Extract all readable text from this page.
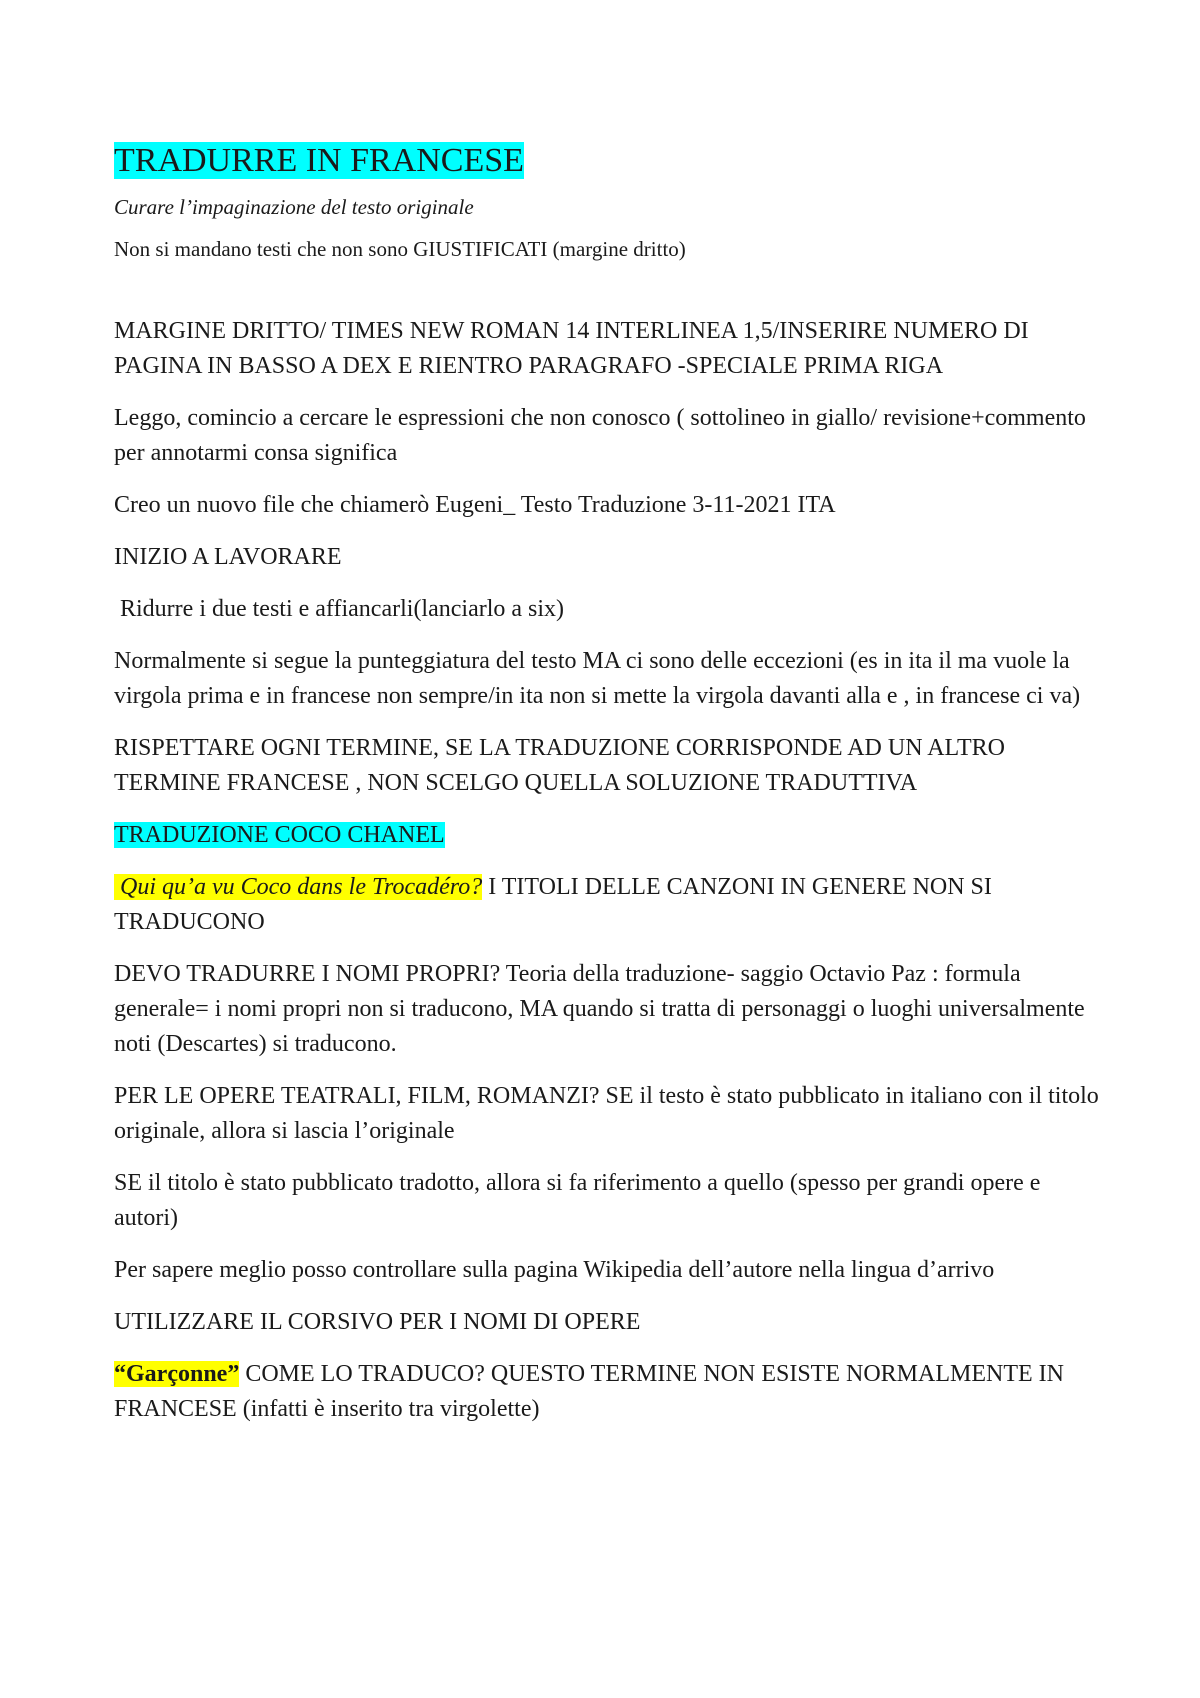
TRADURRE IN FRANCESE
Curare l’impaginazione del testo originale
Non si mandano testi che non sono GIUSTIFICATI (margine dritto)

MARGINE DRITTO/ TIMES NEW ROMAN 14 INTERLINEA 1,5/INSERIRE NUMERO DI PAGINA IN BASSO A DEX E RIENTRO PARAGRAFO -SPECIALE PRIMA RIGA

Leggo, comincio a cercare le espressioni che non conosco ( sottolineo in giallo/ revisione+commento per annotarmi consa significa

Creo un nuovo file che chiamerò Eugeni_ Testo Traduzione 3-11-2021 ITA

INIZIO A LAVORARE

Ridurre i due testi e affiancarli(lanciarlo a six)

Normalmente si segue la punteggiatura del testo MA ci sono delle eccezioni (es in ita il ma vuole la virgola prima e in francese non sempre/in ita non si mette la virgola davanti alla e , in francese ci va)

RISPETTARE OGNI TERMINE, SE LA TRADUZIONE CORRISPONDE AD UN ALTRO TERMINE FRANCESE , NON SCELGO QUELLA SOLUZIONE TRADUTTIVA

TRADUZIONE COCO CHANEL

Qui qu’a vu Coco dans le Trocadéro? I TITOLI DELLE CANZONI IN GENERE NON SI TRADUCONO

DEVO TRADURRE I NOMI PROPRI? Teoria della traduzione- saggio Octavio Paz : formula generale= i nomi propri non si traducono, MA quando si tratta di personaggi o luoghi universalmente noti (Descartes) si traducono.

PER LE OPERE TEATRALI, FILM, ROMANZI? SE il testo è stato pubblicato in italiano con il titolo originale, allora si lascia l’originale

SE il titolo è stato pubblicato tradotto, allora si fa riferimento a quello (spesso per grandi opere e autori)

Per sapere meglio posso controllare sulla pagina Wikipedia dell’autore nella lingua d’arrivo

UTILIZZARE IL CORSIVO PER I NOMI DI OPERE

“Garçonne” COME LO TRADUCO? QUESTO TERMINE NON ESISTE NORMALMENTE IN FRANCESE (infatti è inserito tra virgolette)
